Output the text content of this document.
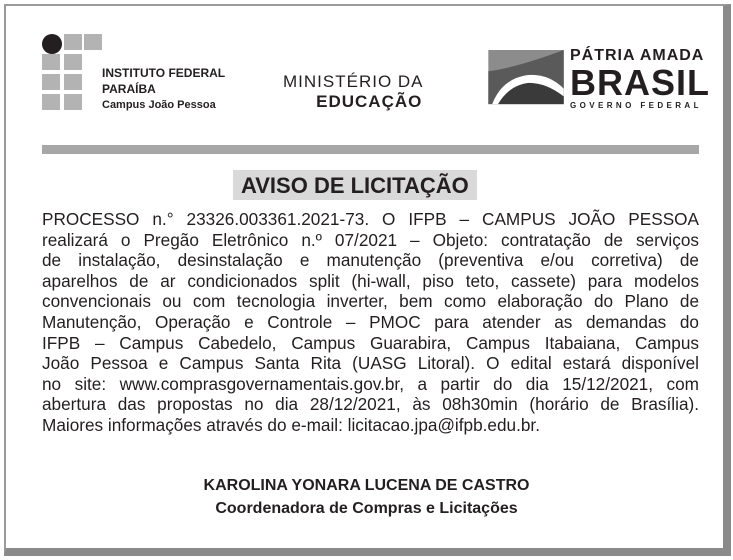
INSTITUTO FEDERAL
PARAÍBA
Campus João Pessoa
MINISTÉRIO DA
EDUCAÇÃO
PÁTRIA AMADA
BRASIL
GOVERNO FEDERAL
AVISO DE LICITAÇÃO
PROCESSO n.° 23326.003361.2021-73. O IFPB – CAMPUS JOÃO PESSOA
realizará o Pregão Eletrônico n.º 07/2021 – Objeto: contratação de serviços
de instalação, desinstalação e manutenção (preventiva e/ou corretiva) de
aparelhos de ar condicionados split (hi-wall, piso teto, cassete) para modelos
convencionais ou com tecnologia inverter, bem como elaboração do Plano de
Manutenção, Operação e Controle – PMOC para atender as demandas do
IFPB – Campus Cabedelo, Campus Guarabira, Campus Itabaiana, Campus
João Pessoa e Campus Santa Rita (UASG Litoral). O edital estará disponível
no site: www.comprasgovernamentais.gov.br, a partir do dia 15/12/2021, com
abertura das propostas no dia 28/12/2021, às 08h30min (horário de Brasília).
Maiores informações através do e-mail: licitacao.jpa@ifpb.edu.br.
KAROLINA YONARA LUCENA DE CASTRO
Coordenadora de Compras e Licitações
